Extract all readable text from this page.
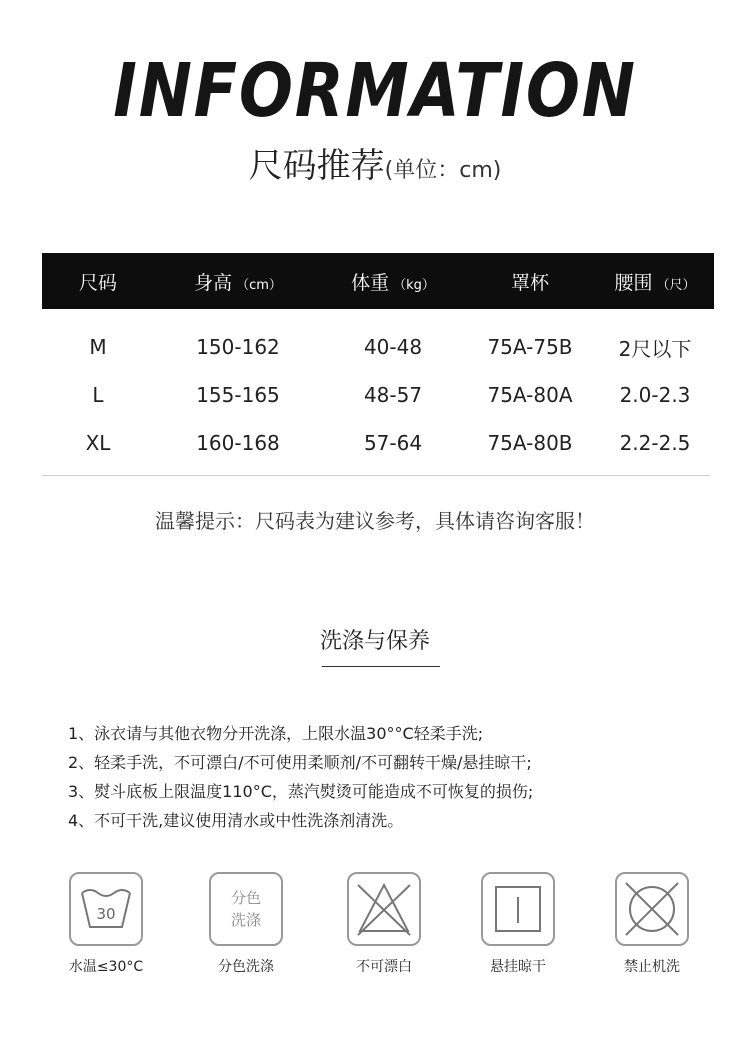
INFORMATION
尺码推荐(单位：cm)
尺码	身高 （cm）	体重 （kg）	罩杯	腰围 （尺）
M	150-162	40-48	75A-75B	2尺以下
L	155-165	48-57	75A-80A	2.0-2.3
XL	160-168	57-64	75A-80B	2.2-2.5
温馨提示：尺码表为建议参考，具体请咨询客服！
洗涤与保养
1、泳衣请与其他衣物分开洗涤，上限水温30°°C轻柔手洗;
2、轻柔手洗，不可漂白/不可使用柔顺剂/不可翻转干燥/悬挂晾干;
3、熨斗底板上限温度110°C，蒸汽熨烫可能造成不可恢复的损伤;
4、不可干洗,建议使用清水或中性洗涤剂清洗。
30
水温≤30°C
分色
洗涤
分色洗涤	不可漂白	悬挂晾干	禁止机洗
